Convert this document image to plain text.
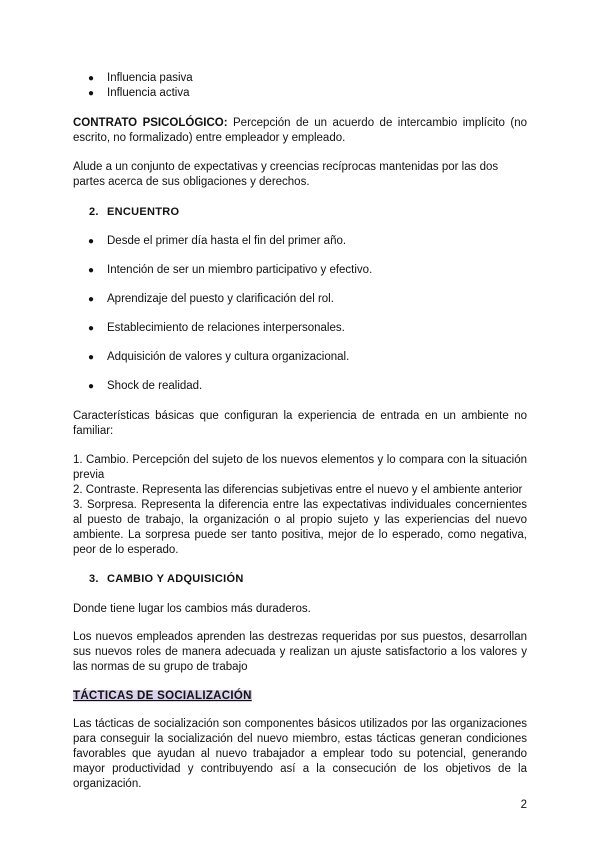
● Influencia pasiva
● Influencia activa

CONTRATO PSICOLÓGICO: Percepción de un acuerdo de intercambio implícito (no escrito, no formalizado) entre empleador y empleado.

Alude a un conjunto de expectativas y creencias recíprocas mantenidas por las dos partes acerca de sus obligaciones y derechos.

2. ENCUENTRO
● Desde el primer día hasta el fin del primer año.
● Intención de ser un miembro participativo y efectivo.
● Aprendizaje del puesto y clarificación del rol.
● Establecimiento de relaciones interpersonales.
● Adquisición de valores y cultura organizacional.
● Shock de realidad.

Características básicas que configuran la experiencia de entrada en un ambiente no familiar:

1. Cambio. Percepción del sujeto de los nuevos elementos y lo compara con la situación previa
2. Contraste. Representa las diferencias subjetivas entre el nuevo y el ambiente anterior
3. Sorpresa. Representa la diferencia entre las expectativas individuales concernientes al puesto de trabajo, la organización o al propio sujeto y las experiencias del nuevo ambiente. La sorpresa puede ser tanto positiva, mejor de lo esperado, como negativa, peor de lo esperado.
3. CAMBIO Y ADQUISICIÓN

Donde tiene lugar los cambios más duraderos.

Los nuevos empleados aprenden las destrezas requeridas por sus puestos, desarrollan sus nuevos roles de manera adecuada y realizan un ajuste satisfactorio a los valores y las normas de su grupo de trabajo

TÁCTICAS DE SOCIALIZACIÓN

Las tácticas de socialización son componentes básicos utilizados por las organizaciones para conseguir la socialización del nuevo miembro, estas tácticas generan condiciones favorables que ayudan al nuevo trabajador a emplear todo su potencial, generando mayor productividad y contribuyendo así a la consecución de los objetivos de la organización.

2
